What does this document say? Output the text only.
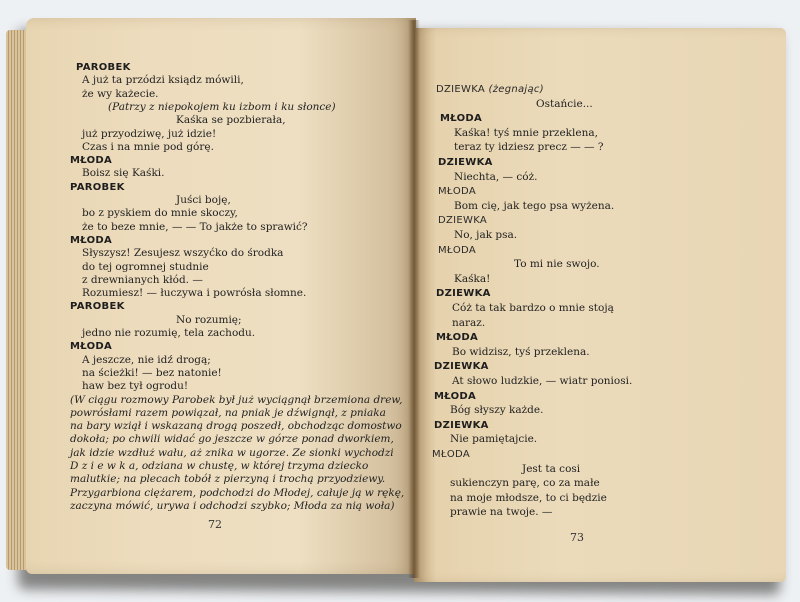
PAROBEK

A już ta przódzi ksiądz mówili,

że wy każecie.

(Patrzy z niepokojem ku izbom i ku słonce)

Kaśka se pozbierała,

już przyodziwę, już idzie!

Czas i na mnie pod górę.

MŁODA

Boisz się Kaśki.

PAROBEK

Juści boję,

bo z pyskiem do mnie skoczy,

że to beze mnie, — — To jakże to sprawić?

MŁODA

Słyszysz! Zesujesz wszyćko do środka

do tej ogromnej studnie

z drewnianych kłód. —

Rozumiesz! — łuczywa i powrósła słomne.

PAROBEK

No rozumię;

jedno nie rozumię, tela zachodu.

MŁODA

A jeszcze, nie idź drogą;

na ścieżki! — bez natonie!

haw bez tył ogrodu!

(W ciągu rozmowy Parobek był już wyciągnął brzemiona drew,

powrósłami razem powiązał, na pniak je dźwignął, z pniaka

na bary wziął i wskazaną drogą poszedł, obchodząc domostwo

dokoła; po chwili widać go jeszcze w górze ponad dworkiem,

jak idzie wzdłuż wału, aż znika w ugorze. Ze sionki wychodzi

D z i e w k a, odziana w chustę, w której trzyma dziecko

malutkie; na plecach tobół z pierzyną i trochą przyodziewy.

Przygarbiona ciężarem, podchodzi do Młodej, całuje ją w rękę,

zaczyna mówić, urywa i odchodzi szybko; Młoda za nią woła)

72

DZIEWKA (żegnając)

Ostańcie...

MŁODA

Kaśka! tyś mnie przeklena,

teraz ty idziesz precz — — ?

DZIEWKA

Niechta, — cóż.

MŁODA

Bom cię, jak tego psa wyżena.

DZIEWKA

No, jak psa.

MŁODA

To mi nie swojo.

Kaśka!

DZIEWKA

Cóż ta tak bardzo o mnie stoją

naraz.

MŁODA

Bo widzisz, tyś przeklena.

DZIEWKA

At słowo ludzkie, — wiatr poniosi.

MŁODA

Bóg słyszy każde.

DZIEWKA

Nie pamiętajcie.

MŁODA

Jest ta cosi

sukienczyn parę, co za małe

na moje młodsze, to ci będzie

prawie na twoje. —

73
